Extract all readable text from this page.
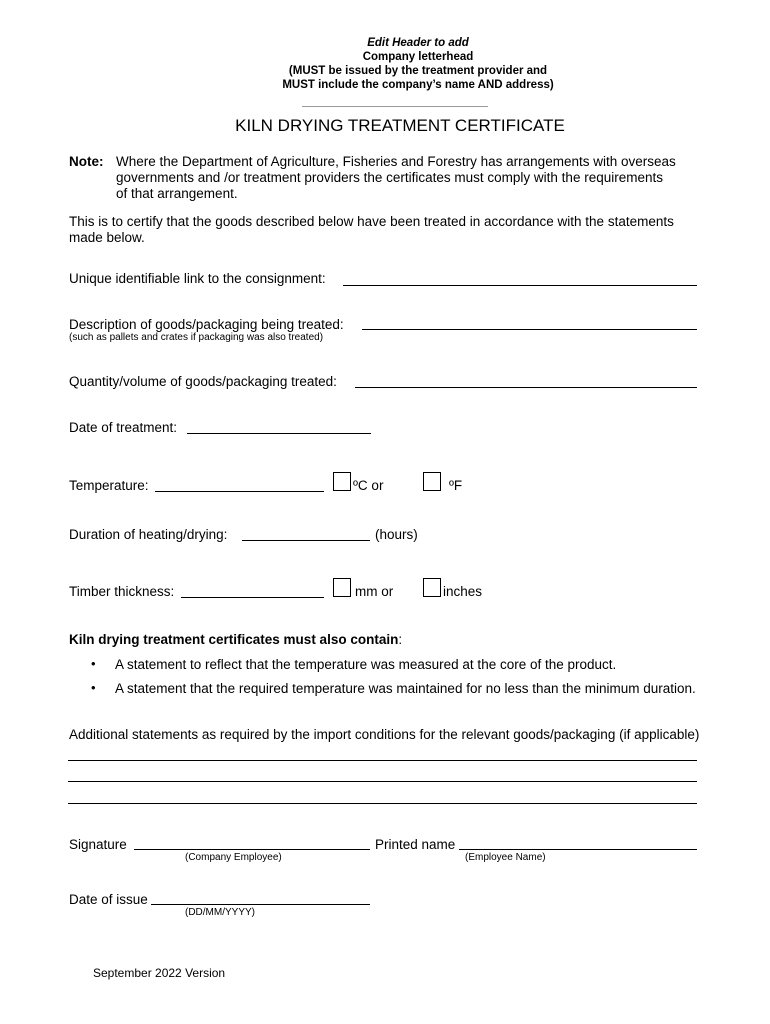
Edit Header to add
Company letterhead
(MUST be issued by the treatment provider and
MUST include the company’s name AND address)
KILN DRYING TREATMENT CERTIFICATE
Note: Where the Department of Agriculture, Fisheries and Forestry has arrangements with overseas
governments and /or treatment providers the certificates must comply with the requirements
of that arrangement.
This is to certify that the goods described below have been treated in accordance with the statements
made below.
Unique identifiable link to the consignment:
Description of goods/packaging being treated:
(such as pallets and crates if packaging was also treated)
Quantity/volume of goods/packaging treated:
Date of treatment:
Temperature:	ºC or	ºF
Duration of heating/drying:	(hours)
Timber thickness:	mm or	inches
Kiln drying treatment certificates must also contain:
• A statement to reflect that the temperature was measured at the core of the product.
• A statement that the required temperature was maintained for no less than the minimum duration.
Additional statements as required by the import conditions for the relevant goods/packaging (if applicable)
Signature
(Company Employee)
Printed name
(Employee Name)
Date of issue
(DD/MM/YYYY)
September 2022 Version
